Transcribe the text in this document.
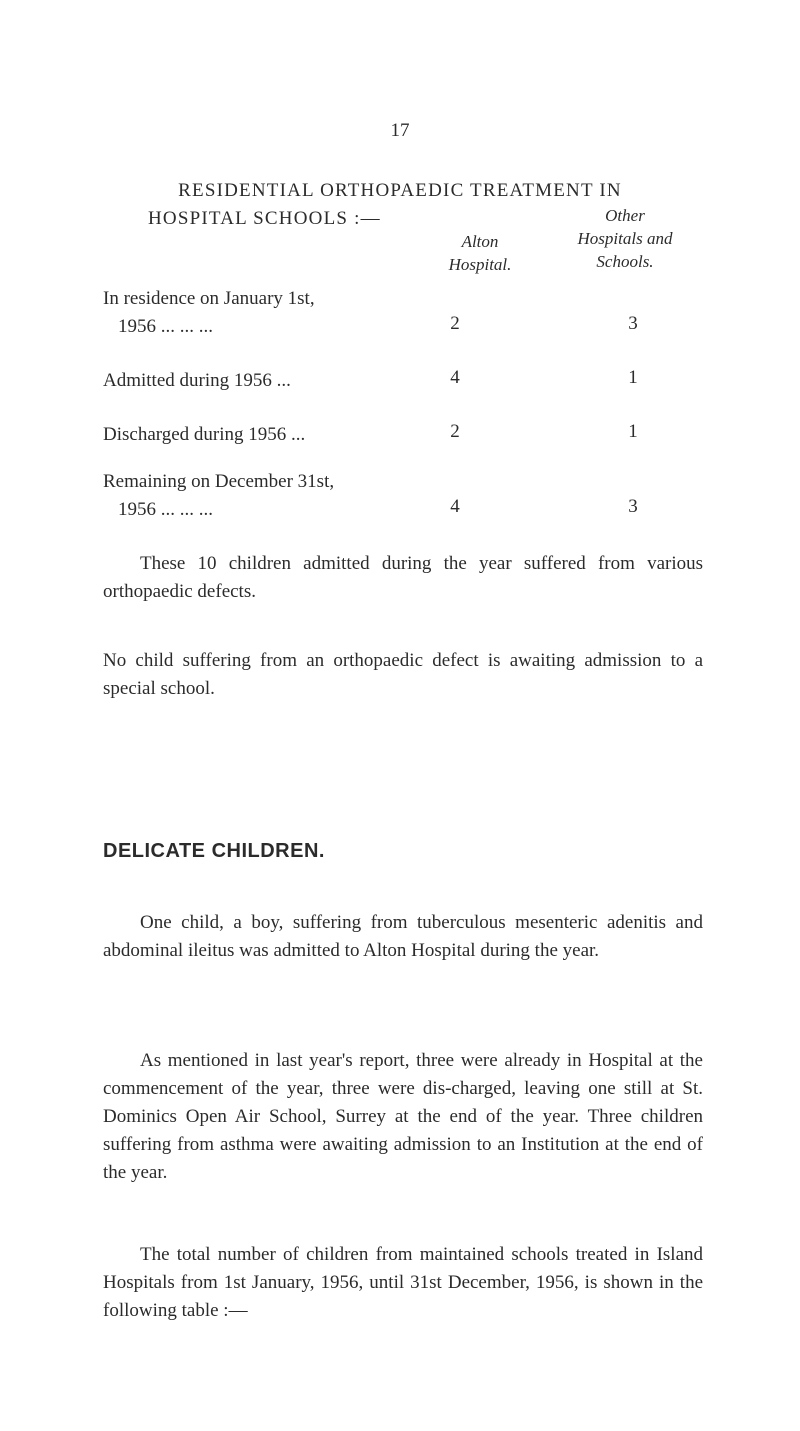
17
RESIDENTIAL ORTHOPAEDIC TREATMENT IN
HOSPITAL SCHOOLS :—
Alton
Hospital.
Other
Hospitals and
Schools.
In residence on January 1st,
1956 ... ... ...	2	3
Admitted during 1956 ...	4	1
Discharged during 1956 ...	2	1
Remaining on December 31st,
1956 ... ... ...	4	3

These 10 children admitted during the year suffered from various orthopaedic defects.

No child suffering from an orthopaedic defect is awaiting admission to a special school.

DELICATE CHILDREN.

One child, a boy, suffering from tuberculous mesenteric adenitis and abdominal ileitus was admitted to Alton Hospital during the year.

As mentioned in last year's report, three were already in Hospital at the commencement of the year, three were dis-charged, leaving one still at St. Dominics Open Air School, Surrey at the end of the year. Three children suffering from asthma were awaiting admission to an Institution at the end of the year.

The total number of children from maintained schools treated in Island Hospitals from 1st January, 1956, until 31st December, 1956, is shown in the following table :—
